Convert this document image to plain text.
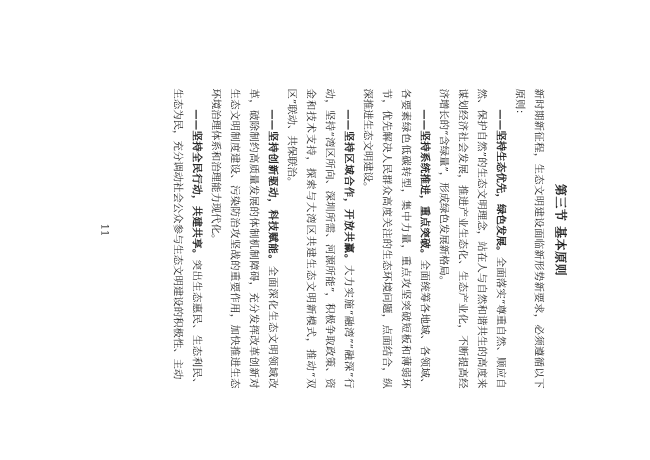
第三节 基本原则

新时期新征程，生态文明建设面临新形势新要求，必须遵循以下原则：

——坚持生态优先，绿色发展。全面落实“尊重自然、顺应自然、保护自然”的生态文明理念，站在人与自然和谐共生的高度来谋划经济社会发展，推进产业生态化、生态产业化，不断提高经济增长的“含绿量”，形成绿色发展新格局。

——坚持系统推进，重点突破。全面统筹各地域、各领域、各要素绿色低碳转型，集中力量，重点攻坚突破短板和薄弱环节，优先解决人民群众高度关注的生态环境问题，点面结合，纵深推进生态文明建设。

——坚持区域合作，开放共赢。大力实施“融湾”“融深”行动，坚持“湾区所向、深圳所需、河源所能”，积极争取政策、资金和技术支持，探索与大湾区共建生态文明新模式，推动“双区”联动、共保联治。

——坚持创新驱动，科技赋能。全面深化生态文明领域改革，破除制约高质量发展的体制机制障碍，充分发挥改革创新对生态文明制度建设、污染防治攻坚战的重要作用，加快推进生态环境治理体系和治理能力现代化。

——坚持全民行动，共建共享。突出生态惠民、生态利民、生态为民，充分调动社会公众参与生态文明建设的积极性、主动

11
